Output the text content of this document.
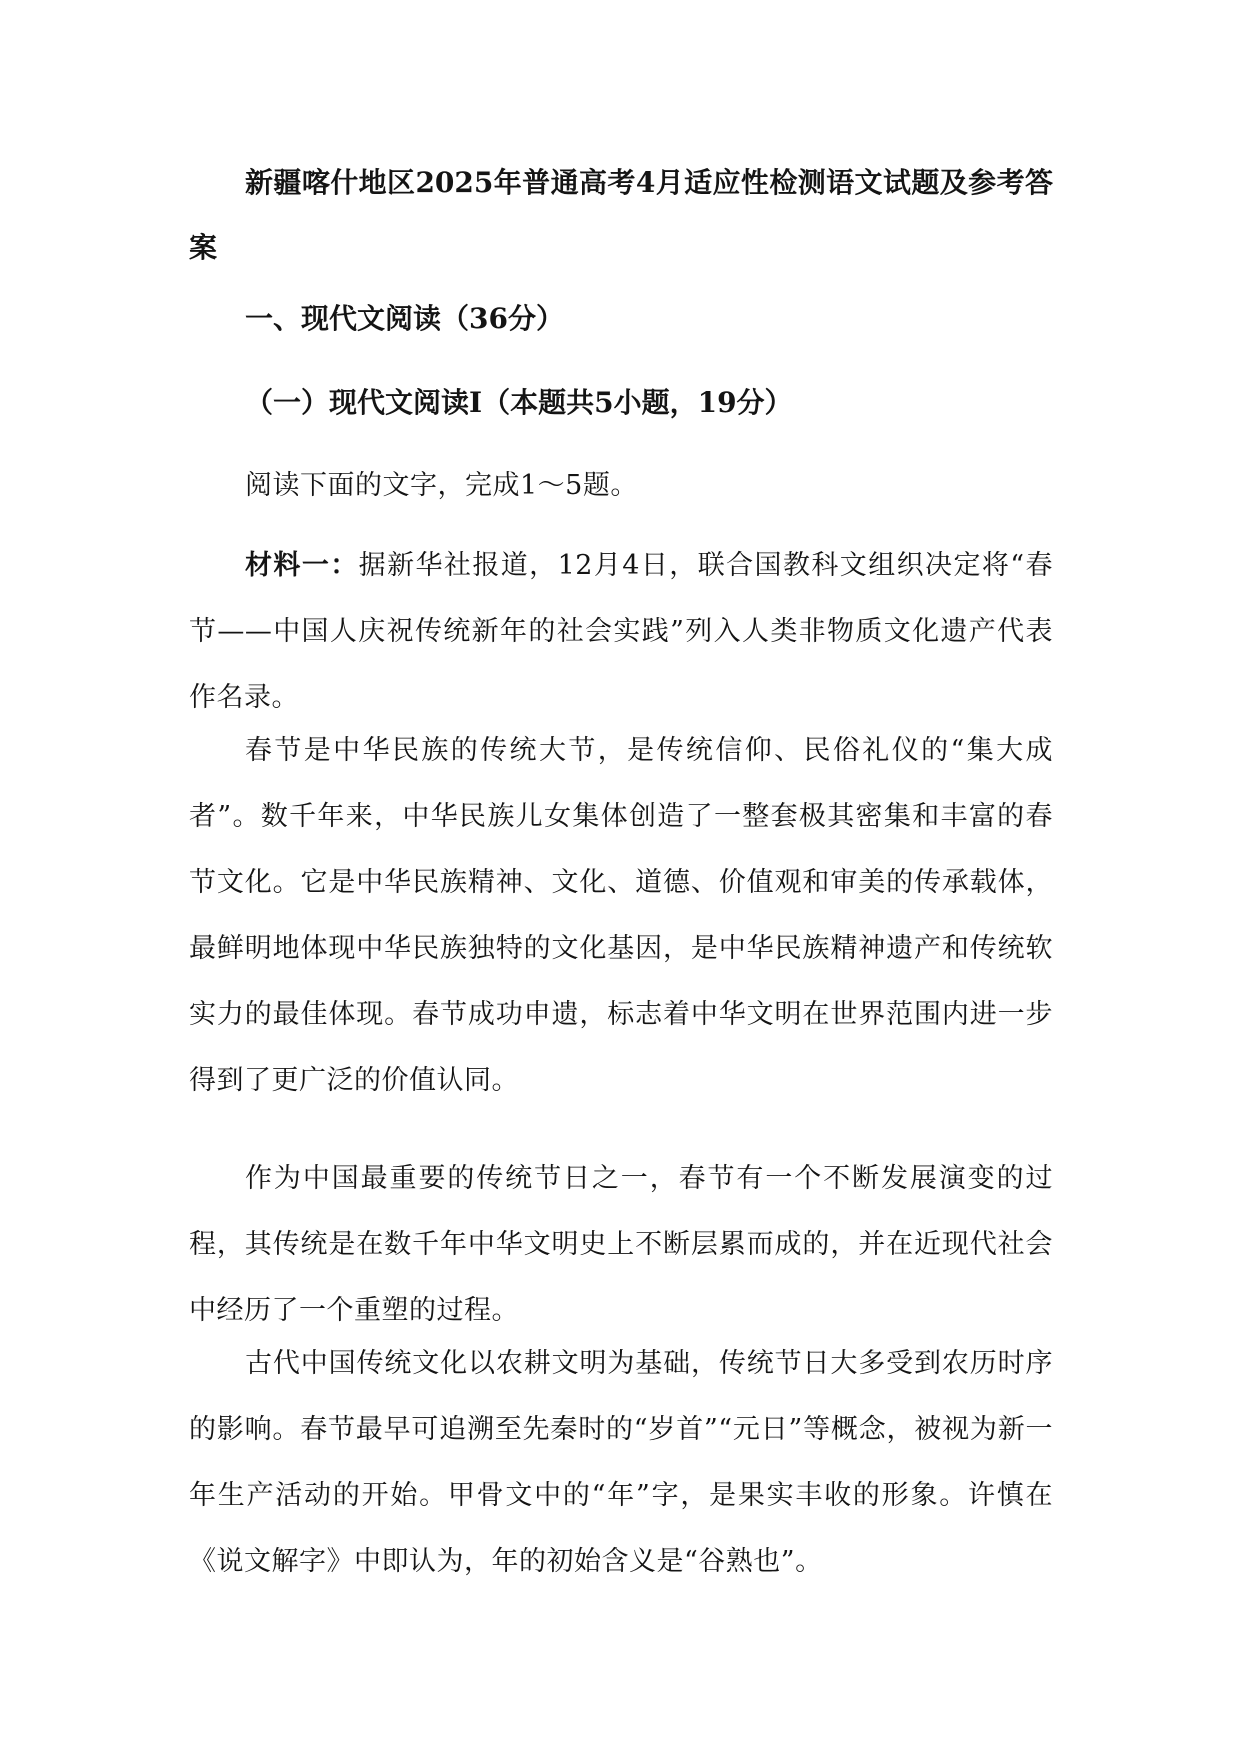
新疆喀什地区2025年普通高考4月适应性检测语文试题及参考答案
一、现代文阅读（36分）
（一）现代文阅读Ⅰ（本题共5小题，19分）

阅读下面的文字，完成1～5题。

材料一：据新华社报道，12月4日，联合国教科文组织决定将“春节——中国人庆祝传统新年的社会实践”列入人类非物质文化遗产代表作名录。

春节是中华民族的传统大节，是传统信仰、民俗礼仪的“集大成者”。数千年来，中华民族儿女集体创造了一整套极其密集和丰富的春节文化。它是中华民族精神、文化、道德、价值观和审美的传承载体，最鲜明地体现中华民族独特的文化基因，是中华民族精神遗产和传统软实力的最佳体现。春节成功申遗，标志着中华文明在世界范围内进一步得到了更广泛的价值认同。

作为中国最重要的传统节日之一，春节有一个不断发展演变的过程，其传统是在数千年中华文明史上不断层累而成的，并在近现代社会中经历了一个重塑的过程。

古代中国传统文化以农耕文明为基础，传统节日大多受到农历时序的影响。春节最早可追溯至先秦时的“岁首”“元日”等概念，被视为新一年生产活动的开始。甲骨文中的“年”字，是果实丰收的形象。许慎在《说文解字》中即认为，年的初始含义是“谷熟也”。
